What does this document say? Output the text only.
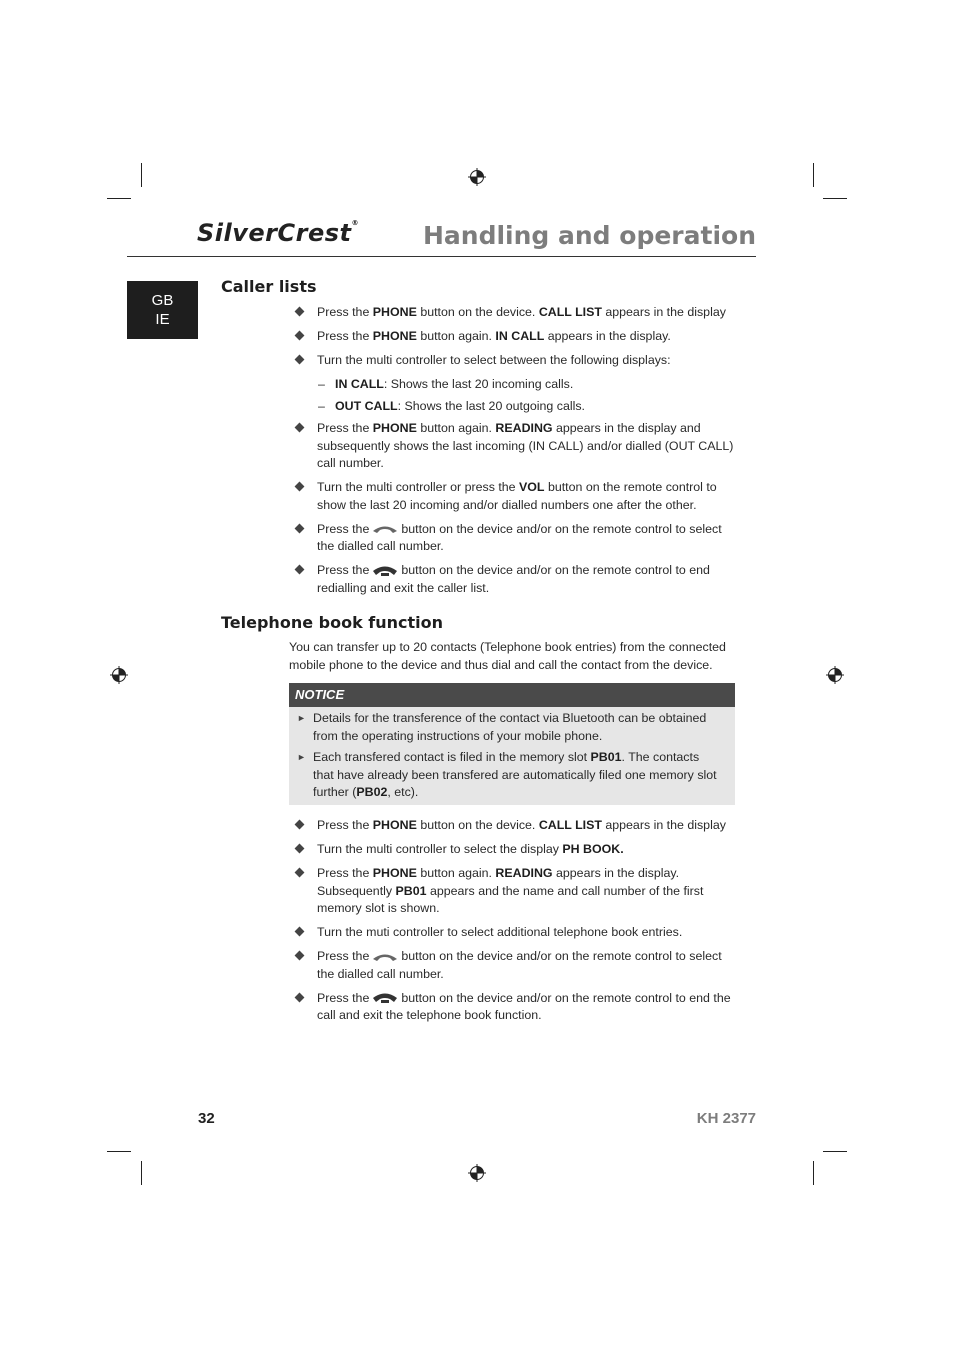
SilverCrest®	Handling and operation
GB
IE
Caller lists
Press the PHONE button on the device. CALL LIST appears in the display
Press the PHONE button again. IN CALL appears in the display.
Turn the multi controller to select between the following displays:
– IN CALL: Shows the last 20 incoming calls.
– OUT CALL: Shows the last 20 outgoing calls.
Press the PHONE button again. READING appears in the display and subsequently shows the last incoming (IN CALL) and/or dialled (OUT CALL) call number.
Turn the multi controller or press the VOL button on the remote control to show the last 20 incoming and/or dialled numbers one after the other.
Press the	button on the device and/or on the remote control to select the dialled call number.
Press the	button on the device and/or on the remote control to end redialling and exit the caller list.
Telephone book function
You can transfer up to 20 contacts (Telephone book entries) from the connected mobile phone to the device and thus dial and call the contact from the device.
NOTICE
► Details for the transference of the contact via Bluetooth can be obtained from the operating instructions of your mobile phone.
► Each transfered contact is filed in the memory slot PB01. The contacts that have already been transfered are automatically filed one memory slot further (PB02, etc).
Press the PHONE button on the device. CALL LIST appears in the display
Turn the multi controller to select the display PH BOOK.
Press the PHONE button again. READING appears in the display. Subsequently PB01 appears and the name and call number of the first memory slot is shown.
Turn the muti controller to select additional telephone book entries.
Press the	button on the device and/or on the remote control to select the dialled call number.
Press the	button on the device and/or on the remote control to end the call and exit the telephone book function.
32	KH 2377
